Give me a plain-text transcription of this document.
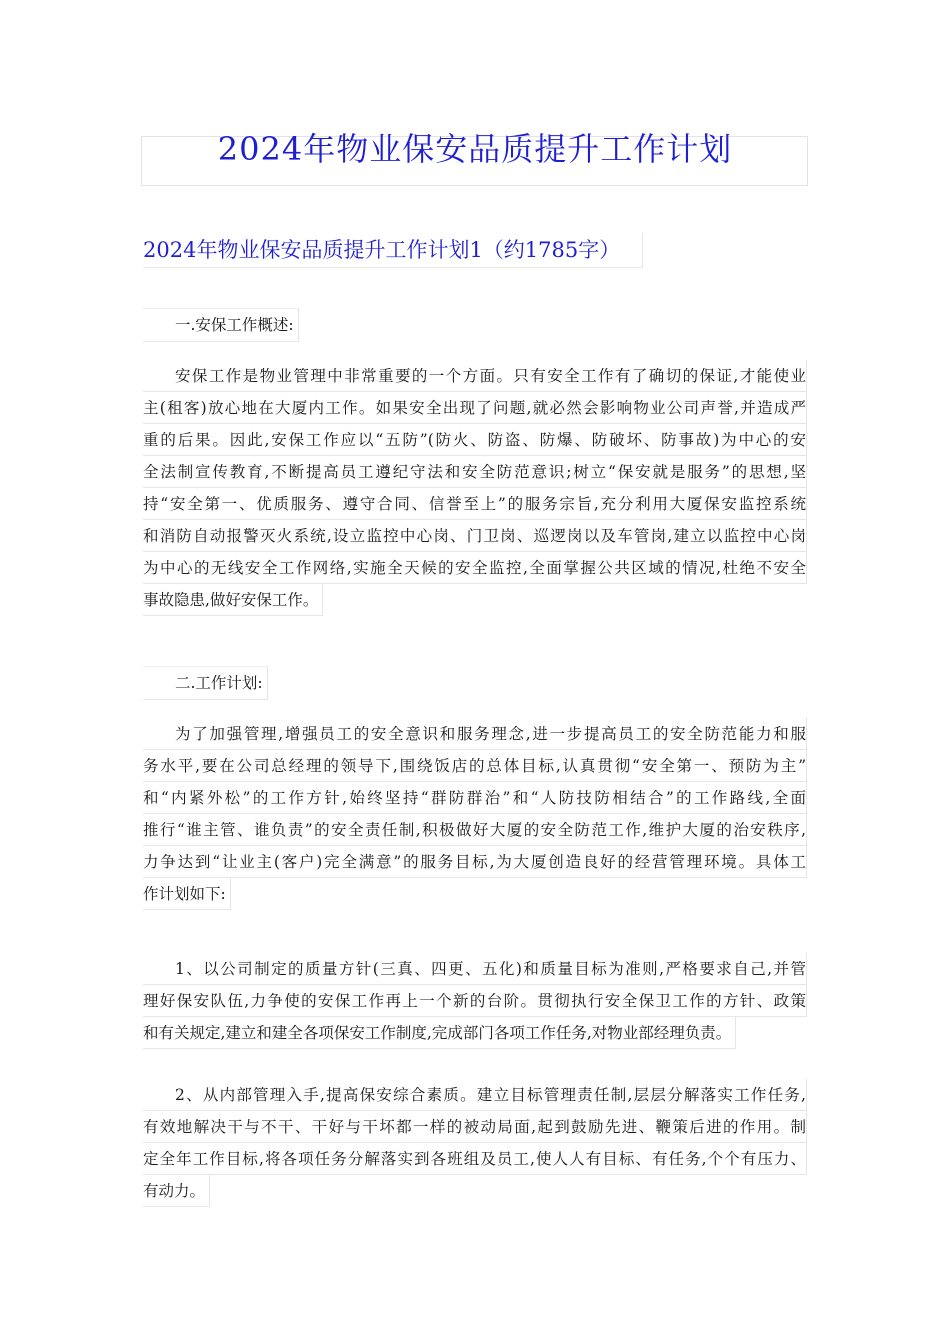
2024年物业保安品质提升工作计划
2024年物业保安品质提升工作计划1（约1785字）

一.安保工作概述:

安保工作是物业管理中非常重要的一个方面。只有安全工作有了确切的保证,才能使业
主(租客)放心地在大厦内工作。如果安全出现了问题,就必然会影响物业公司声誉,并造成严
重的后果。因此,安保工作应以“五防”(防火、防盗、防爆、防破坏、防事故)为中心的安
全法制宣传教育,不断提高员工遵纪守法和安全防范意识;树立“保安就是服务”的思想,坚
持“安全第一、优质服务、遵守合同、信誉至上”的服务宗旨,充分利用大厦保安监控系统
和消防自动报警灭火系统,设立监控中心岗、门卫岗、巡逻岗以及车管岗,建立以监控中心岗
为中心的无线安全工作网络,实施全天候的安全监控,全面掌握公共区域的情况,杜绝不安全
事故隐患,做好安保工作。

二.工作计划:

为了加强管理,增强员工的安全意识和服务理念,进一步提高员工的安全防范能力和服
务水平,要在公司总经理的领导下,围绕饭店的总体目标,认真贯彻“安全第一、预防为主”
和“内紧外松”的工作方针,始终坚持“群防群治”和“人防技防相结合”的工作路线,全面
推行“谁主管、谁负责”的安全责任制,积极做好大厦的安全防范工作,维护大厦的治安秩序,
力争达到“让业主(客户)完全满意”的服务目标,为大厦创造良好的经营管理环境。具体工
作计划如下:
1、以公司制定的质量方针(三真、四更、五化)和质量目标为准则,严格要求自己,并管
理好保安队伍,力争使的安保工作再上一个新的台阶。贯彻执行安全保卫工作的方针、政策
和有关规定,建立和建全各项保安工作制度,完成部门各项工作任务,对物业部经理负责。
2、从内部管理入手,提高保安综合素质。建立目标管理责任制,层层分解落实工作任务,
有效地解决干与不干、干好与干坏都一样的被动局面,起到鼓励先进、鞭策后进的作用。制
定全年工作目标,将各项任务分解落实到各班组及员工,使人人有目标、有任务,个个有压力、
有动力。
